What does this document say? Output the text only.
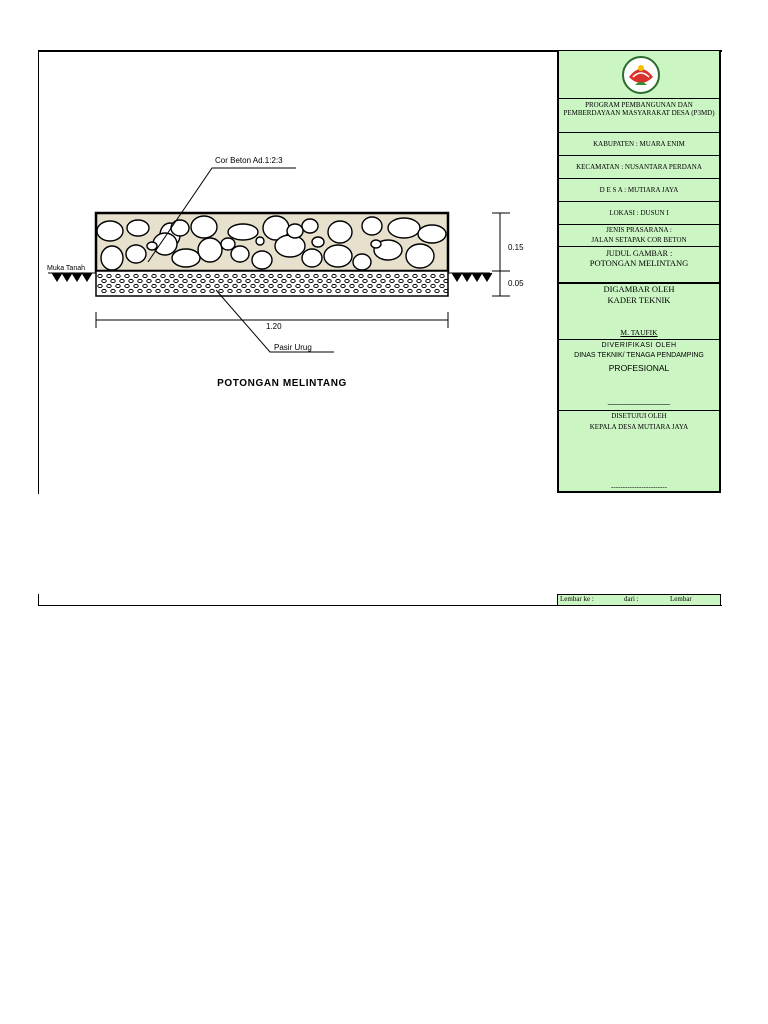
Muka Tanah
0.15
0.05
1.20
Cor Beton Ad.1:2:3
Pasir Urug
POTONGAN MELINTANG
PROGRAM PEMBANGUNAN DAN PEMBERDAYAAN MASYARAKAT DESA (P3MD)
KABUPATEN : MUARA ENIM
KECAMATAN : NUSANTARA PERDANA
D E S A : MUTIARA JAYA
LOKASI : DUSUN I
JENIS PRASARANA :
JALAN SETAPAK COR BETON
JUDUL GAMBAR :
POTONGAN MELINTANG
DIGAMBAR OLEH
KADER TEKNIK
M. TAUFIK
DIVERIFIKASI OLEH
DINAS TEKNIK/ TENAGA PENDAMPING
PROFESIONAL
______________
DISETUJUI OLEH
KEPALA DESA MUTIARA JAYA
------------------------
Lembar ke :	dari :	Lembar
